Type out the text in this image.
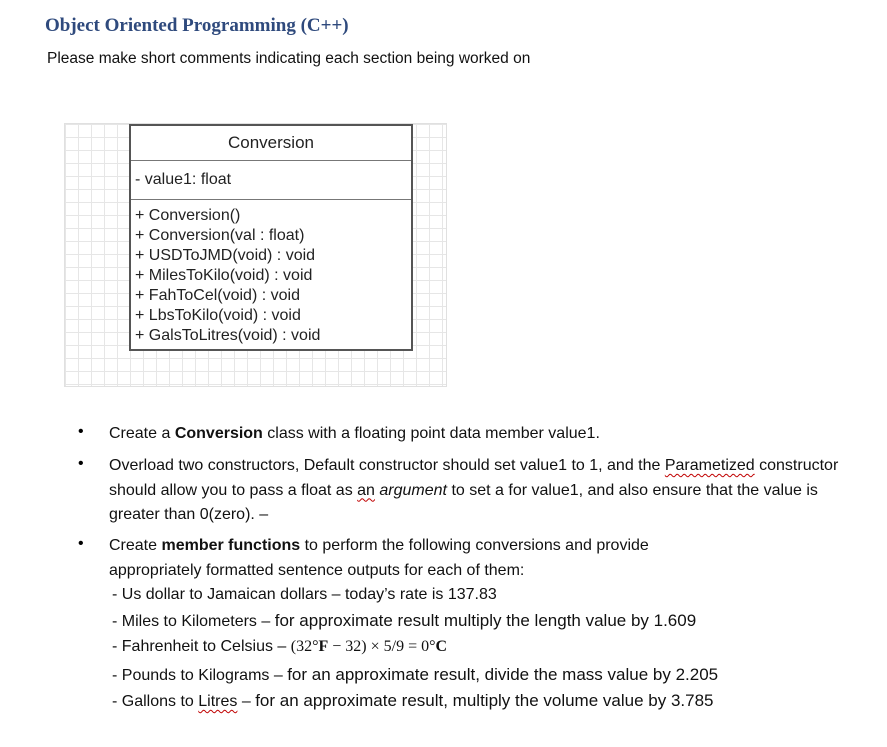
Object Oriented Programming (C++)
Please make short comments indicating each section being worked on
Conversion
- value1: float
+ Conversion()
+ Conversion(val : float)
+ USDToJMD(void) : void
+ MilesToKilo(void) : void
+ FahToCel(void) : void
+ LbsToKilo(void) : void
+ GalsToLitres(void) : void
• Create a Conversion class with a floating point data member value1.
• Overload two constructors, Default constructor should set value1 to 1, and the Parametized constructor should allow you to pass a float as an argument to set a for value1, and also ensure that the value is greater than 0(zero). –
• Create member functions to perform the following conversions and provide appropriately formatted sentence outputs for each of them:
- Us dollar to Jamaican dollars – today’s rate is 137.83
- Miles to Kilometers – for approximate result multiply the length value by 1.609
- Fahrenheit to Celsius – (32°F − 32) × 5/9 = 0°C
- Pounds to Kilograms – for an approximate result, divide the mass value by 2.205
- Gallons to Litres – for an approximate result, multiply the volume value by 3.785
